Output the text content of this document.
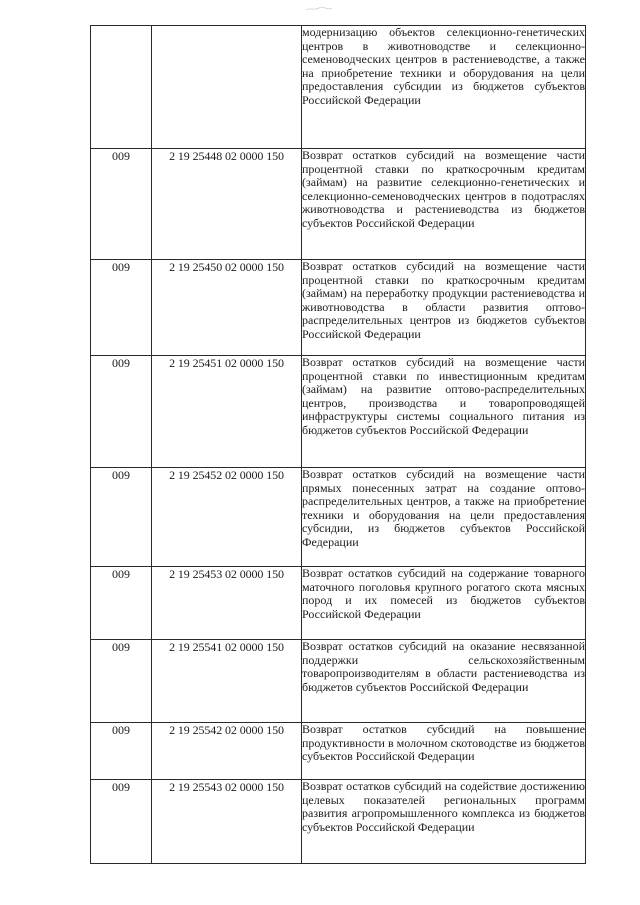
		модернизацию объектов селекционно-генетических центров в животноводстве и селекционно-семеноводческих центров в растениеводстве, а также на приобретение техники и оборудования на цели предоставления субсидии из бюджетов субъектов Российской Федерации
009	2 19 25448 02 0000 150	Возврат остатков субсидий на возмещение части процентной ставки по краткосрочным кредитам (займам) на развитие селекционно-генетических и селекционно-семеноводческих центров в подотраслях животноводства и растениеводства из бюджетов субъектов Российской Федерации
009	2 19 25450 02 0000 150	Возврат остатков субсидий на возмещение части процентной ставки по краткосрочным кредитам (займам) на переработку продукции растениеводства и животноводства в области развития оптово-распределительных центров из бюджетов субъектов Российской Федерации
009	2 19 25451 02 0000 150	Возврат остатков субсидий на возмещение части процентной ставки по инвестиционным кредитам (займам) на развитие оптово-распределительных центров, производства и товаропроводящей инфраструктуры системы социального питания из бюджетов субъектов Российской Федерации
009	2 19 25452 02 0000 150	Возврат остатков субсидий на возмещение части прямых понесенных затрат на создание оптово-распределительных центров, а также на приобретение техники и оборудования на цели предоставления субсидии, из бюджетов субъектов Российской Федерации
009	2 19 25453 02 0000 150	Возврат остатков субсидий на содержание товарного маточного поголовья крупного рогатого скота мясных пород и их помесей из бюджетов субъектов Российской Федерации
009	2 19 25541 02 0000 150	Возврат остатков субсидий на оказание несвязанной поддержки сельскохозяйственным товаропроизводителям в области растениеводства из бюджетов субъектов Российской Федерации
009	2 19 25542 02 0000 150	Возврат остатков субсидий на повышение продуктивности в молочном скотоводстве из бюджетов субъектов Российской Федерации
009	2 19 25543 02 0000 150	Возврат остатков субсидий на содействие достижению целевых показателей региональных программ развития агропромышленного комплекса из бюджетов субъектов Российской Федерации
